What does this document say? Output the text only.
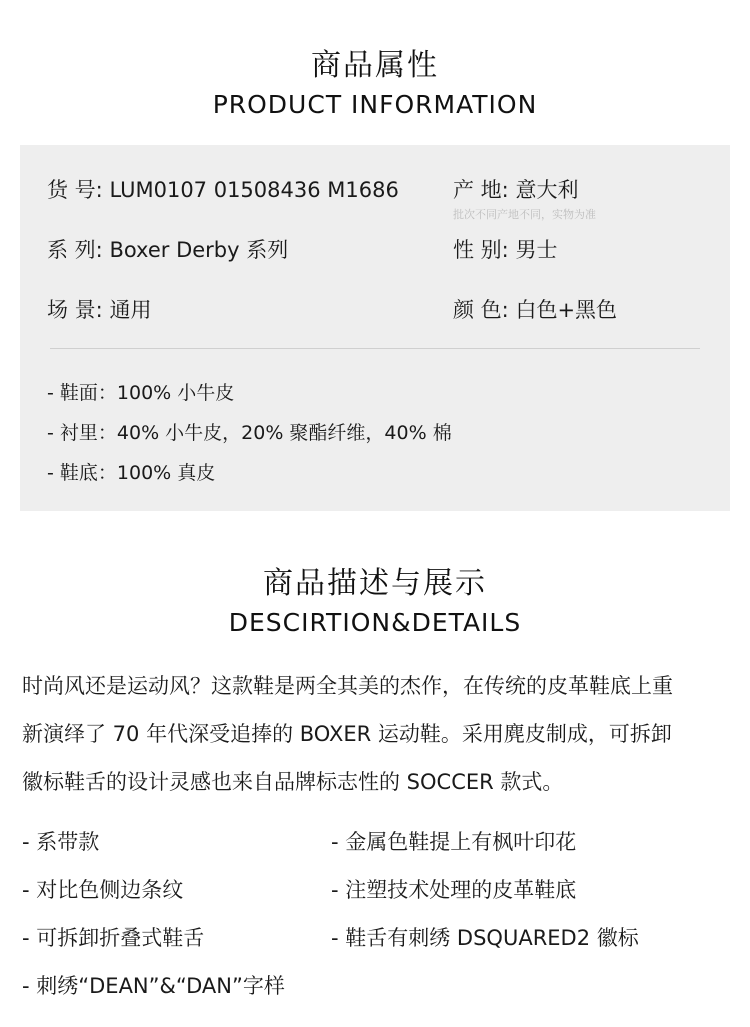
商品属性
PRODUCT INFORMATION
货 号: LUM0107 01508436 M1686	产 地: 意大利
批次不同产地不同，实物为准
系 列: Boxer Derby 系列	性 别: 男士
场 景: 通用	颜 色: 白色+黑色
- 鞋面：100% 小牛皮
- 衬里：40% 小牛皮，20% 聚酯纤维，40% 棉
- 鞋底：100% 真皮
商品描述与展示
DESCIRTION&DETAILS
时尚风还是运动风？这款鞋是两全其美的杰作，在传统的皮革鞋底上重
新演绎了 70 年代深受追捧的 BOXER 运动鞋。采用麂皮制成，可拆卸
徽标鞋舌的设计灵感也来自品牌标志性的 SOCCER 款式。
- 系带款
- 对比色侧边条纹
- 可拆卸折叠式鞋舌
- 刺绣“DEAN”&“DAN”字样
- 金属色鞋提上有枫叶印花
- 注塑技术处理的皮革鞋底
- 鞋舌有刺绣 DSQUARED2 徽标
